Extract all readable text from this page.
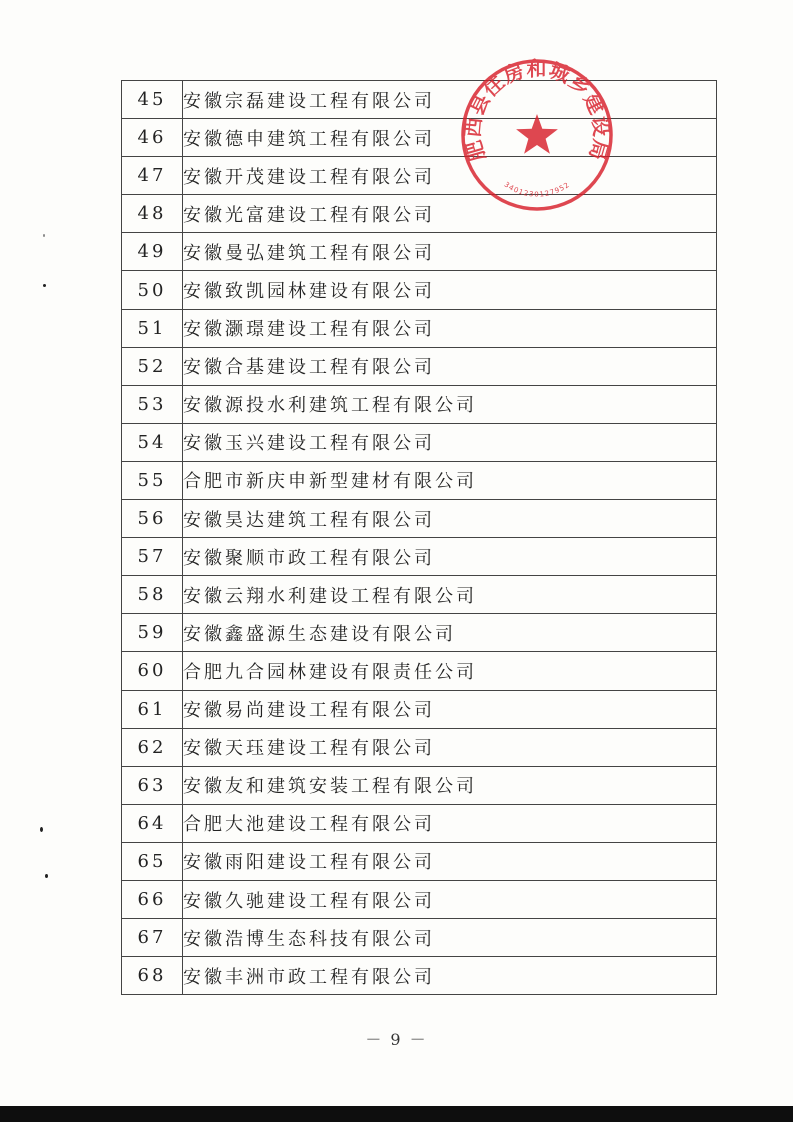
45	安徽宗磊建设工程有限公司
46	安徽德申建筑工程有限公司
47	安徽开茂建设工程有限公司
48	安徽光富建设工程有限公司
49	安徽曼弘建筑工程有限公司
50	安徽致凯园林建设有限公司
51	安徽灏璟建设工程有限公司
52	安徽合基建设工程有限公司
53	安徽源投水利建筑工程有限公司
54	安徽玉兴建设工程有限公司
55	合肥市新庆申新型建材有限公司
56	安徽昊达建筑工程有限公司
57	安徽聚顺市政工程有限公司
58	安徽云翔水利建设工程有限公司
59	安徽鑫盛源生态建设有限公司
60	合肥九合园林建设有限责任公司
61	安徽易尚建设工程有限公司
62	安徽天珏建设工程有限公司
63	安徽友和建筑安装工程有限公司
64	合肥大池建设工程有限公司
65	安徽雨阳建设工程有限公司
66	安徽久驰建设工程有限公司
67	安徽浩博生态科技有限公司
68	安徽丰洲市政工程有限公司
肥西县住房和城乡建设局
3401230127952
－ 9 －
